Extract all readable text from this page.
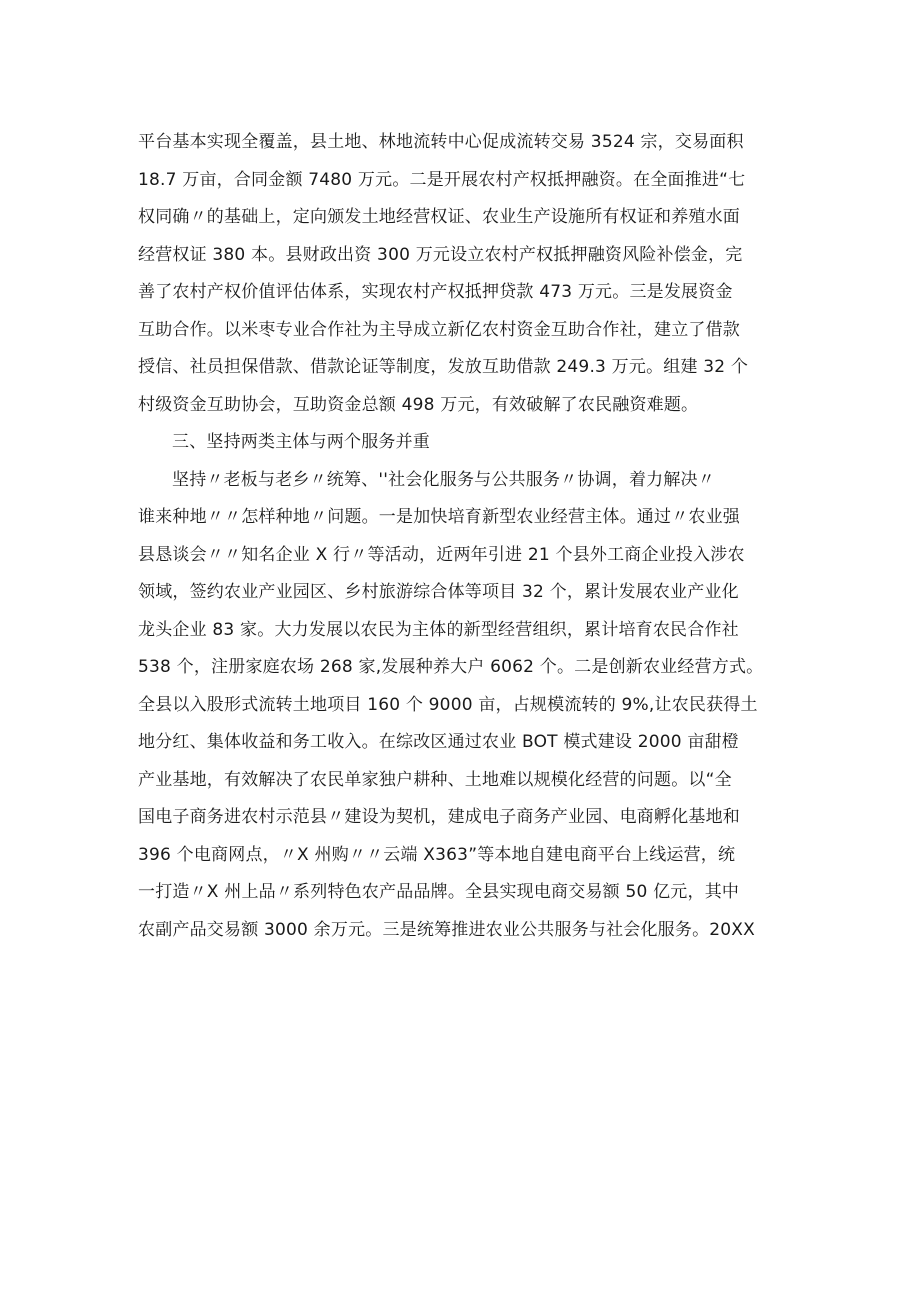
平台基本实现全覆盖，县土地、林地流转中心促成流转交易 3524 宗，交易面积
18.7 万亩，合同金额 7480 万元。二是开展农村产权抵押融资。在全面推进“七
权同确〃的基础上，定向颁发土地经营权证、农业生产设施所有权证和养殖水面
经营权证 380 本。县财政出资 300 万元设立农村产权抵押融资风险补偿金，完
善了农村产权价值评估体系，实现农村产权抵押贷款 473 万元。三是发展资金
互助合作。以米枣专业合作社为主导成立新亿农村资金互助合作社，建立了借款
授信、社员担保借款、借款论证等制度，发放互助借款 249.3 万元。组建 32 个
村级资金互助协会，互助资金总额 498 万元，有效破解了农民融资难题。
三、坚持两类主体与两个服务并重
坚持〃老板与老乡〃统筹、''社会化服务与公共服务〃协调，着力解决〃
谁来种地〃〃怎样种地〃问题。一是加快培育新型农业经营主体。通过〃农业强
县恳谈会〃〃知名企业 X 行〃等活动，近两年引进 21 个县外工商企业投入涉农
领域，签约农业产业园区、乡村旅游综合体等项目 32 个，累计发展农业产业化
龙头企业 83 家。大力发展以农民为主体的新型经营组织，累计培育农民合作社
538 个，注册家庭农场 268 家,发展种养大户 6062 个。二是创新农业经营方式。
全县以入股形式流转土地项目 160 个 9000 亩，占规模流转的 9%,让农民获得土
地分红、集体收益和务工收入。在综改区通过农业 BOT 模式建设 2000 亩甜橙
产业基地，有效解决了农民单家独户耕种、土地难以规模化经营的问题。以“全
国电子商务进农村示范县〃建设为契机，建成电子商务产业园、电商孵化基地和
396 个电商网点，〃X 州购〃〃云端 X363”等本地自建电商平台上线运营，统
一打造〃X 州上品〃系列特色农产品品牌。全县实现电商交易额 50 亿元，其中
农副产品交易额 3000 余万元。三是统筹推进农业公共服务与社会化服务。20XX
